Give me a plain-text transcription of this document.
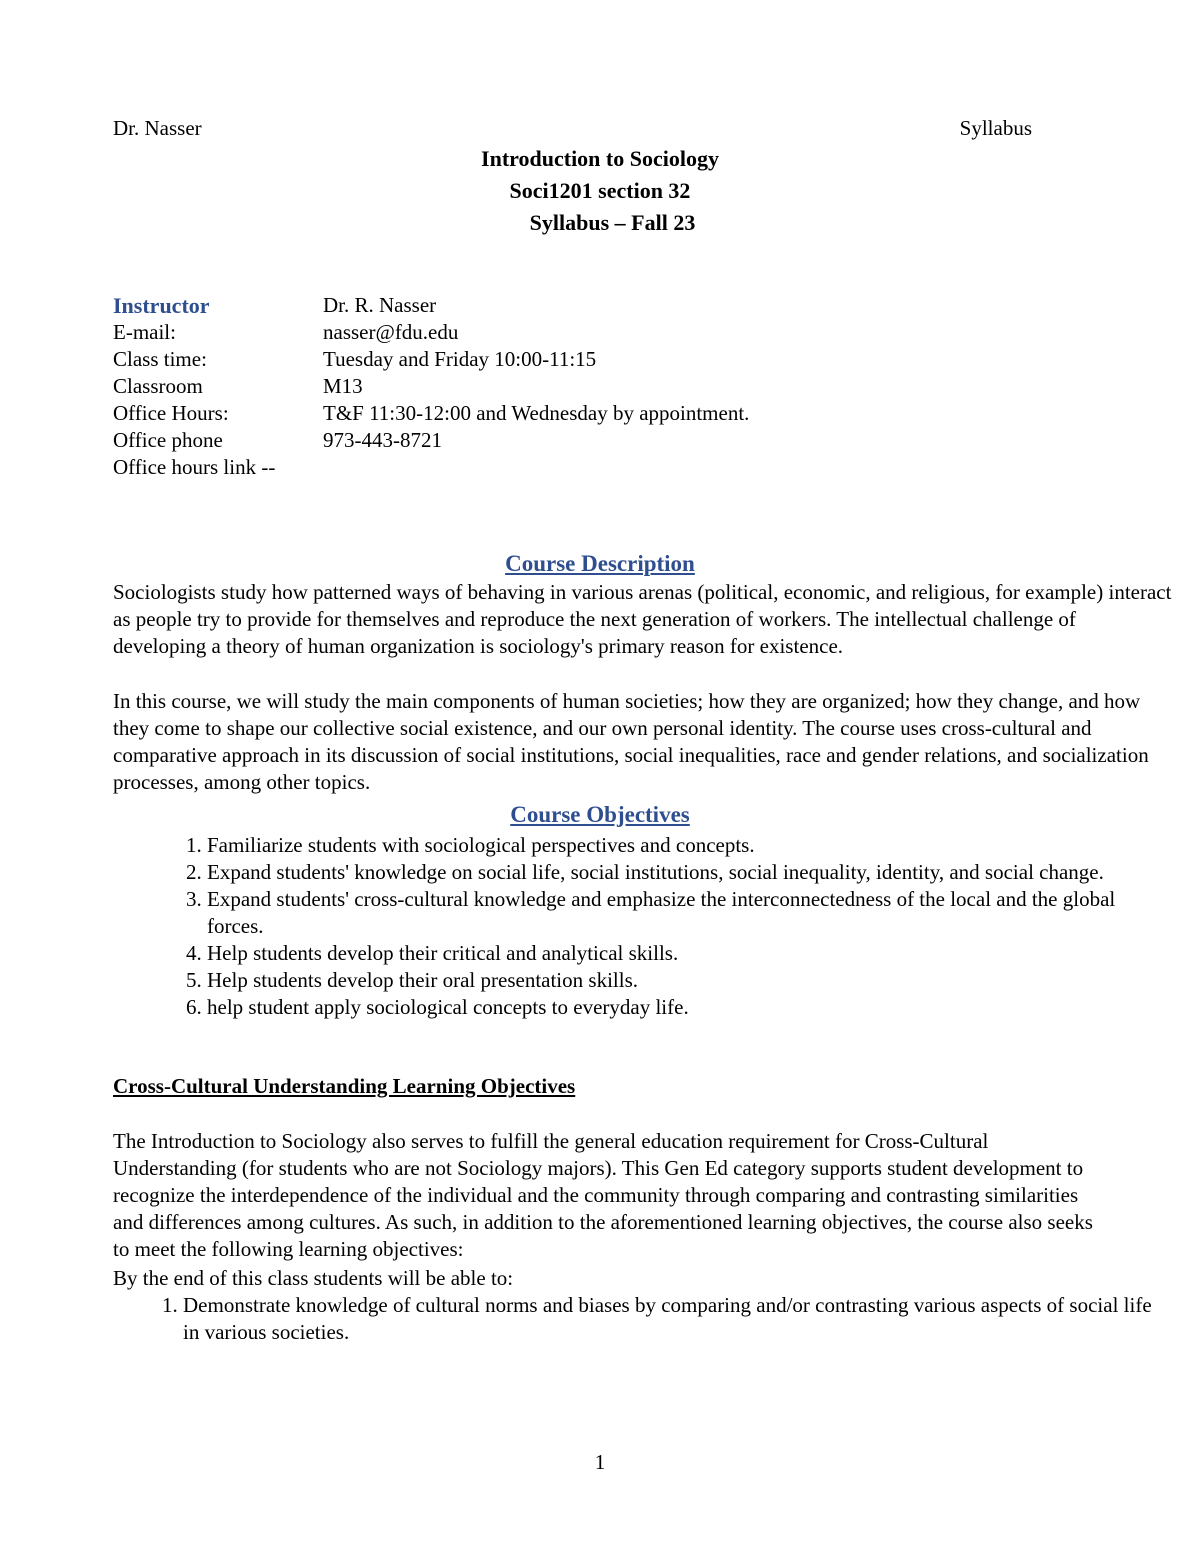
Dr. Nasser	Syllabus
Introduction to Sociology
Soci1201 section 32
Syllabus – Fall 23
Instructor	Dr. R. Nasser
E-mail:	nasser@fdu.edu
Class time:	Tuesday and Friday 10:00-11:15
Classroom	M13
Office Hours:	T&F 11:30-12:00 and Wednesday by appointment.
Office phone	973-443-8721
Office hours link --
Course Description
Sociologists study how patterned ways of behaving in various arenas (political, economic, and religious, for example) interact as people try to provide for themselves and reproduce the next generation of workers. The intellectual challenge of developing a theory of human organization is sociology's primary reason for existence.
In this course, we will study the main components of human societies; how they are organized; how they change, and how they come to shape our collective social existence, and our own personal identity. The course uses cross-cultural and comparative approach in its discussion of social institutions, social inequalities, race and gender relations, and socialization processes, among other topics.
Course Objectives
1. Familiarize students with sociological perspectives and concepts.
2. Expand students' knowledge on social life, social institutions, social inequality, identity, and social change.
3. Expand students' cross-cultural knowledge and emphasize the interconnectedness of the local and the global forces.
4. Help students develop their critical and analytical skills.
5. Help students develop their oral presentation skills.
6. help student apply sociological concepts to everyday life.
Cross-Cultural Understanding Learning Objectives
The Introduction to Sociology also serves to fulfill the general education requirement for Cross-Cultural Understanding (for students who are not Sociology majors). This Gen Ed category supports student development to recognize the interdependence of the individual and the community through comparing and contrasting similarities and differences among cultures. As such, in addition to the aforementioned learning objectives, the course also seeks to meet the following learning objectives:
By the end of this class students will be able to:
1. Demonstrate knowledge of cultural norms and biases by comparing and/or contrasting various aspects of social life in various societies.
1
